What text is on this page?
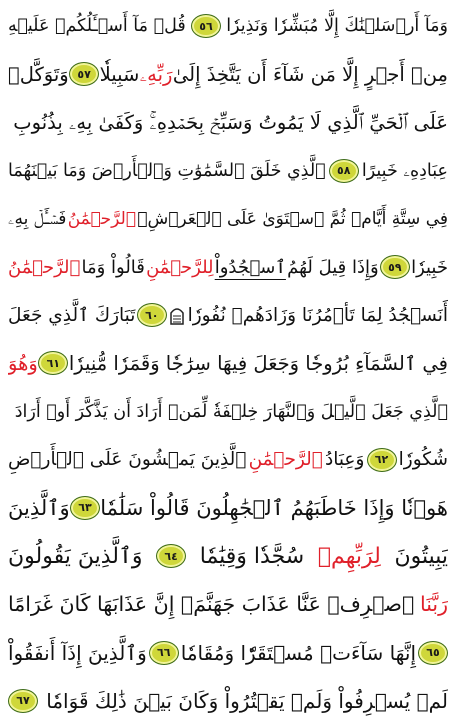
وَمَآ أَرۡسَلۡنَٰكَ إِلَّا مُبَشِّرٗا وَنَذِيرٗا
٥٦
قُلۡ مَآ أَسۡـَٔلُكُمۡ عَلَيۡهِ
مِنۡ أَجۡرٍ إِلَّا مَن شَآءَ أَن يَتَّخِذَ إِلَىٰ
رَبِّهِۦ
سَبِيلٗا
٥٧
وَتَوَكَّلۡ
عَلَى ٱلۡحَيِّ ٱلَّذِي لَا يَمُوتُ وَسَبِّحۡ بِحَمۡدِهِۦۚ وَكَفَىٰ بِهِۦ بِذُنُوبِ
عِبَادِهِۦ خَبِيرًا
٥٨
ٱلَّذِي خَلَقَ ٱلسَّمَٰوَٰتِ وَٱلۡأَرۡضَ وَمَا بَيۡنَهُمَا
فِي سِتَّةِ أَيَّامٖ ثُمَّ ٱسۡتَوَىٰ عَلَى ٱلۡعَرۡشِۚ
ٱلرَّحۡمَٰنُ
فَسۡـَٔلۡ بِهِۦ
خَبِيرٗا
٥٩
وَإِذَا قِيلَ لَهُمُ
ٱسۡجُدُواْ
لِلرَّحۡمَٰنِ
قَالُواْ وَمَا
ٱلرَّحۡمَٰنُ
أَنَسۡجُدُ لِمَا تَأۡمُرُنَا وَزَادَهُمۡ نُفُورٗا
٦٠
تَبَارَكَ ٱلَّذِي جَعَلَ
فِي ٱلسَّمَآءِ بُرُوجٗا وَجَعَلَ فِيهَا سِرَٰجٗا وَقَمَرٗا مُّنِيرٗا
٦١
وَهُوَ
ٱلَّذِي جَعَلَ ٱلَّيۡلَ وَٱلنَّهَارَ خِلۡفَةٗ لِّمَنۡ أَرَادَ أَن يَذَّكَّرَ أَوۡ أَرَادَ
شُكُورٗا
٦٢
وَعِبَادُ
ٱلرَّحۡمَٰنِ
ٱلَّذِينَ يَمۡشُونَ عَلَى ٱلۡأَرۡضِ
هَوۡنٗا وَإِذَا خَاطَبَهُمُ ٱلۡجَٰهِلُونَ قَالُواْ سَلَٰمٗا
٦٣
وَٱلَّذِينَ
يَبِيتُونَ
لِرَبِّهِمۡ
سُجَّدٗا وَقِيَٰمٗا
٦٤
وَٱلَّذِينَ يَقُولُونَ
رَبَّنَا
ٱصۡرِفۡ عَنَّا عَذَابَ جَهَنَّمَۖ إِنَّ عَذَابَهَا كَانَ غَرَامًا
٦٥
إِنَّهَا سَآءَتۡ مُسۡتَقَرّٗا وَمُقَامٗا
٦٦
وَٱلَّذِينَ إِذَآ أَنفَقُواْ
لَمۡ يُسۡرِفُواْ وَلَمۡ يَقۡتُرُواْ وَكَانَ بَيۡنَ ذَٰلِكَ قَوَامٗا
٦٧
